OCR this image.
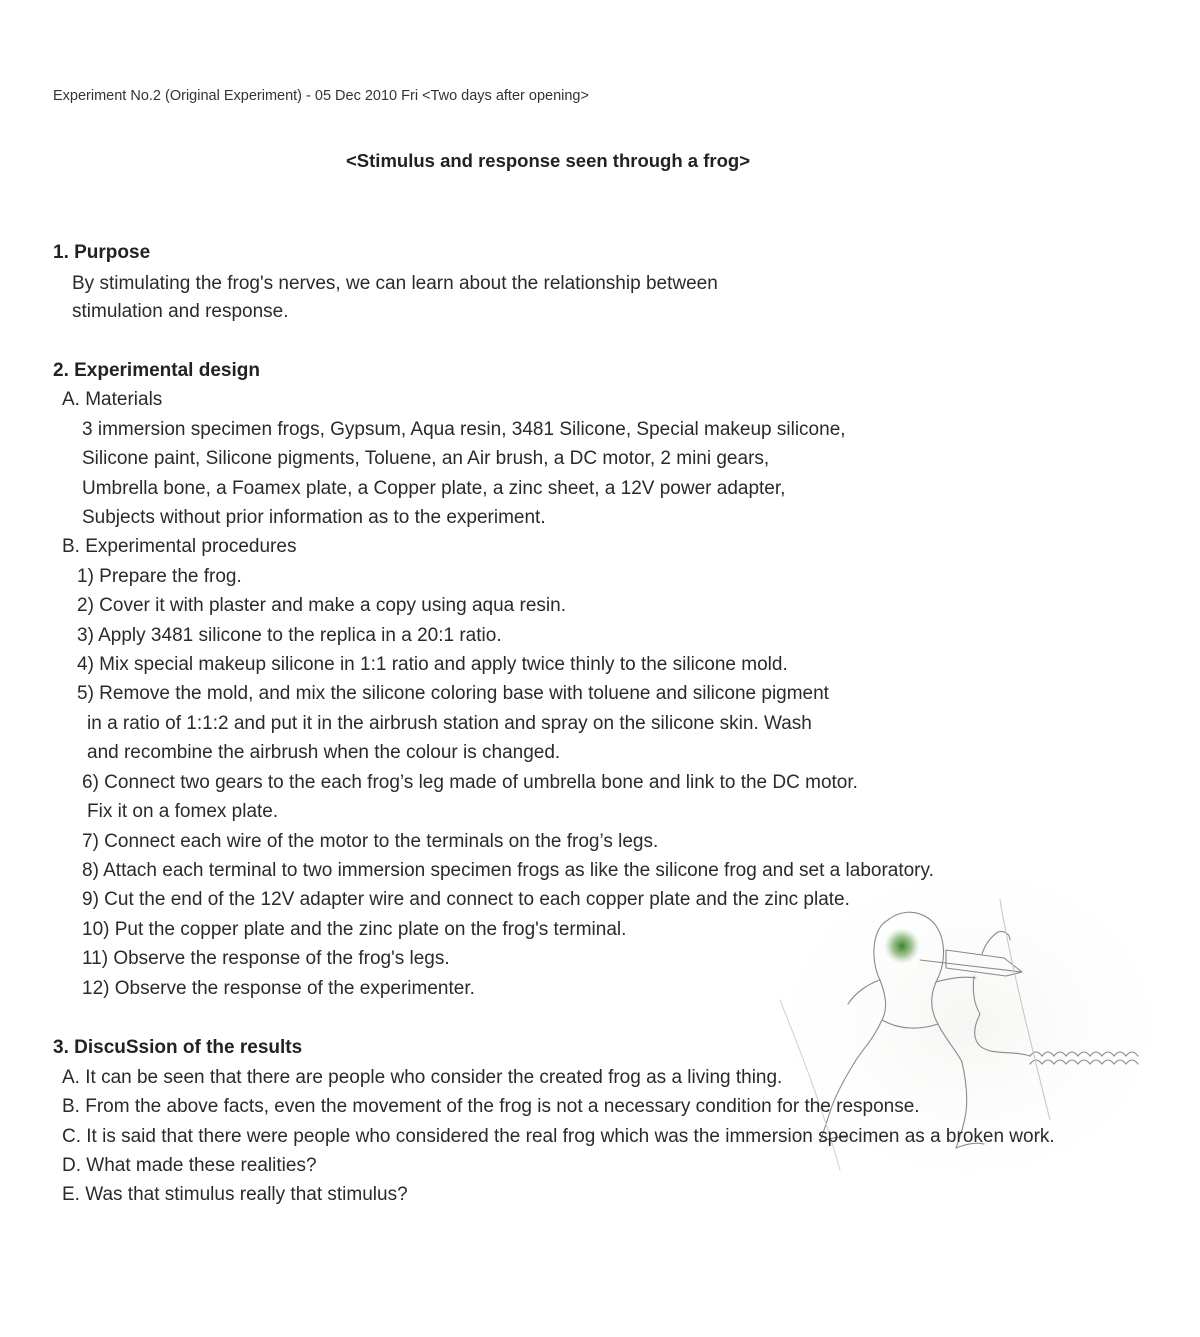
Experiment No.2 (Original Experiment) - 05 Dec 2010 Fri <Two days after opening>
<Stimulus and response seen through a frog>
1. Purpose
By stimulating the frog's nerves, we can learn about the relationship between
stimulation and response.
2. Experimental design
A. Materials
3 immersion specimen frogs, Gypsum, Aqua resin, 3481 Silicone, Special makeup silicone,
Silicone paint, Silicone pigments, Toluene, an Air brush, a DC motor, 2 mini gears,
Umbrella bone, a Foamex plate, a Copper plate, a zinc sheet, a 12V power adapter,
Subjects without prior information as to the experiment.
B. Experimental procedures
1) Prepare the frog.
2) Cover it with plaster and make a copy using aqua resin.
3) Apply 3481 silicone to the replica in a 20:1 ratio.
4) Mix special makeup silicone in 1:1 ratio and apply twice thinly to the silicone mold.
5) Remove the mold, and mix the silicone coloring base with toluene and silicone pigment
in a ratio of 1:1:2 and put it in the airbrush station and spray on the silicone skin. Wash
and recombine the airbrush when the colour is changed.
6) Connect two gears to the each frog’s leg made of umbrella bone and link to the DC motor.
Fix it on a fomex plate.
7) Connect each wire of the motor to the terminals on the frog’s legs.
8) Attach each terminal to two immersion specimen frogs as like the silicone frog and set a laboratory.
9) Cut the end of the 12V adapter wire and connect to each copper plate and the zinc plate.
10) Put the copper plate and the zinc plate on the frog's terminal.
11) Observe the response of the frog's legs.
12) Observe the response of the experimenter.
3. DiscuSsion of the results
A. It can be seen that there are people who consider the created frog as a living thing.
B. From the above facts, even the movement of the frog is not a necessary condition for the response.
C. It is said that there were people who considered the real frog which was the immersion specimen as a broken work.
D. What made these realities?
E. Was that stimulus really that stimulus?
